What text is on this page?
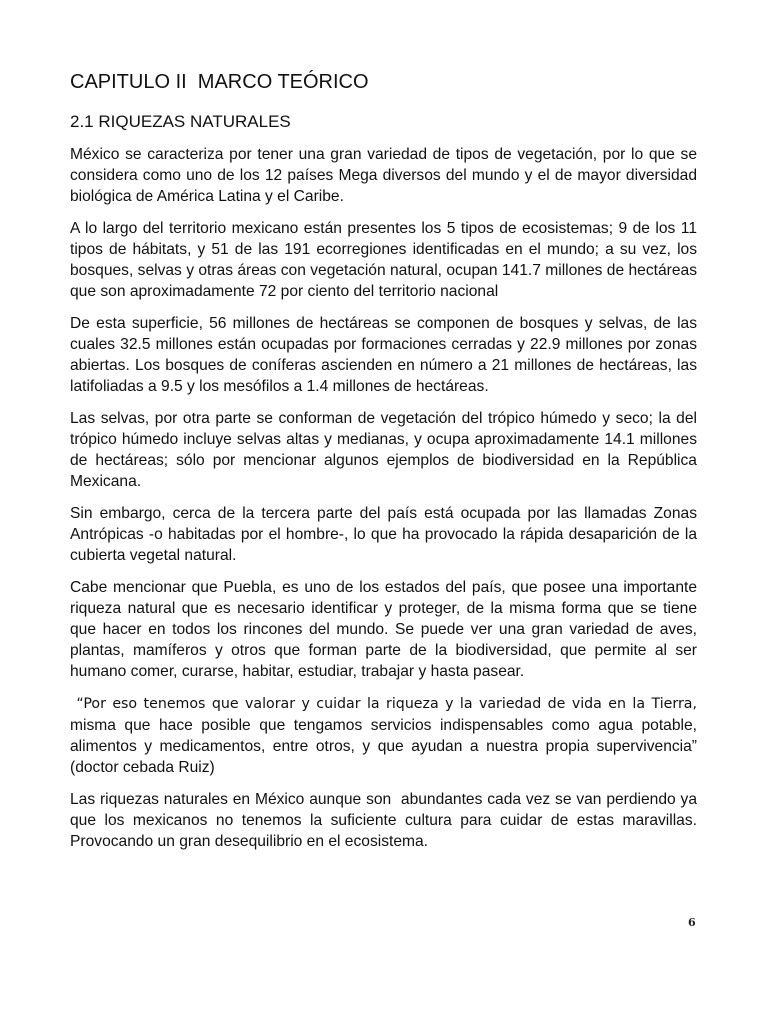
CAPITULO II  MARCO TEÓRICO
2.1 RIQUEZAS NATURALES

México se caracteriza por tener una gran variedad de tipos de vegetación, por lo que se considera como uno de los 12 países Mega diversos del mundo y el de mayor diversidad biológica de América Latina y el Caribe.

A lo largo del territorio mexicano están presentes los 5 tipos de ecosistemas; 9 de los 11 tipos de hábitats, y 51 de las 191 ecorregiones identificadas en el mundo; a su vez, los bosques, selvas y otras áreas con vegetación natural, ocupan 141.7 millones de hectáreas que son aproximadamente 72 por ciento del territorio nacional

De esta superficie, 56 millones de hectáreas se componen de bosques y selvas, de las cuales 32.5 millones están ocupadas por formaciones cerradas y 22.9 millones por zonas abiertas. Los bosques de coníferas ascienden en número a 21 millones de hectáreas, las latifoliadas a 9.5 y los mesófilos a 1.4 millones de hectáreas.

Las selvas, por otra parte se conforman de vegetación del trópico húmedo y seco; la del trópico húmedo incluye selvas altas y medianas, y ocupa aproximadamente 14.1 millones de hectáreas; sólo por mencionar algunos ejemplos de biodiversidad en la República Mexicana.

Sin embargo, cerca de la tercera parte del país está ocupada por las llamadas Zonas Antrópicas -o habitadas por el hombre-, lo que ha provocado la rápida desaparición de la cubierta vegetal natural.

Cabe mencionar que Puebla, es uno de los estados del país, que posee una importante riqueza natural que es necesario identificar y proteger, de la misma forma que se tiene que hacer en todos los rincones del mundo. Se puede ver una gran variedad de aves, plantas, mamíferos y otros que forman parte de la biodiversidad, que permite al ser humano comer, curarse, habitar, estudiar, trabajar y hasta pasear.

“Por eso tenemos que valorar y cuidar la riqueza y la variedad de vida en la Tierra, misma que hace posible que tengamos servicios indispensables como agua potable, alimentos y medicamentos, entre otros, y que ayudan a nuestra propia supervivencia” (doctor cebada Ruiz)

Las riquezas naturales en México aunque son  abundantes cada vez se van perdiendo ya que los mexicanos no tenemos la suficiente cultura para cuidar de estas maravillas. Provocando un gran desequilibrio en el ecosistema.

6
